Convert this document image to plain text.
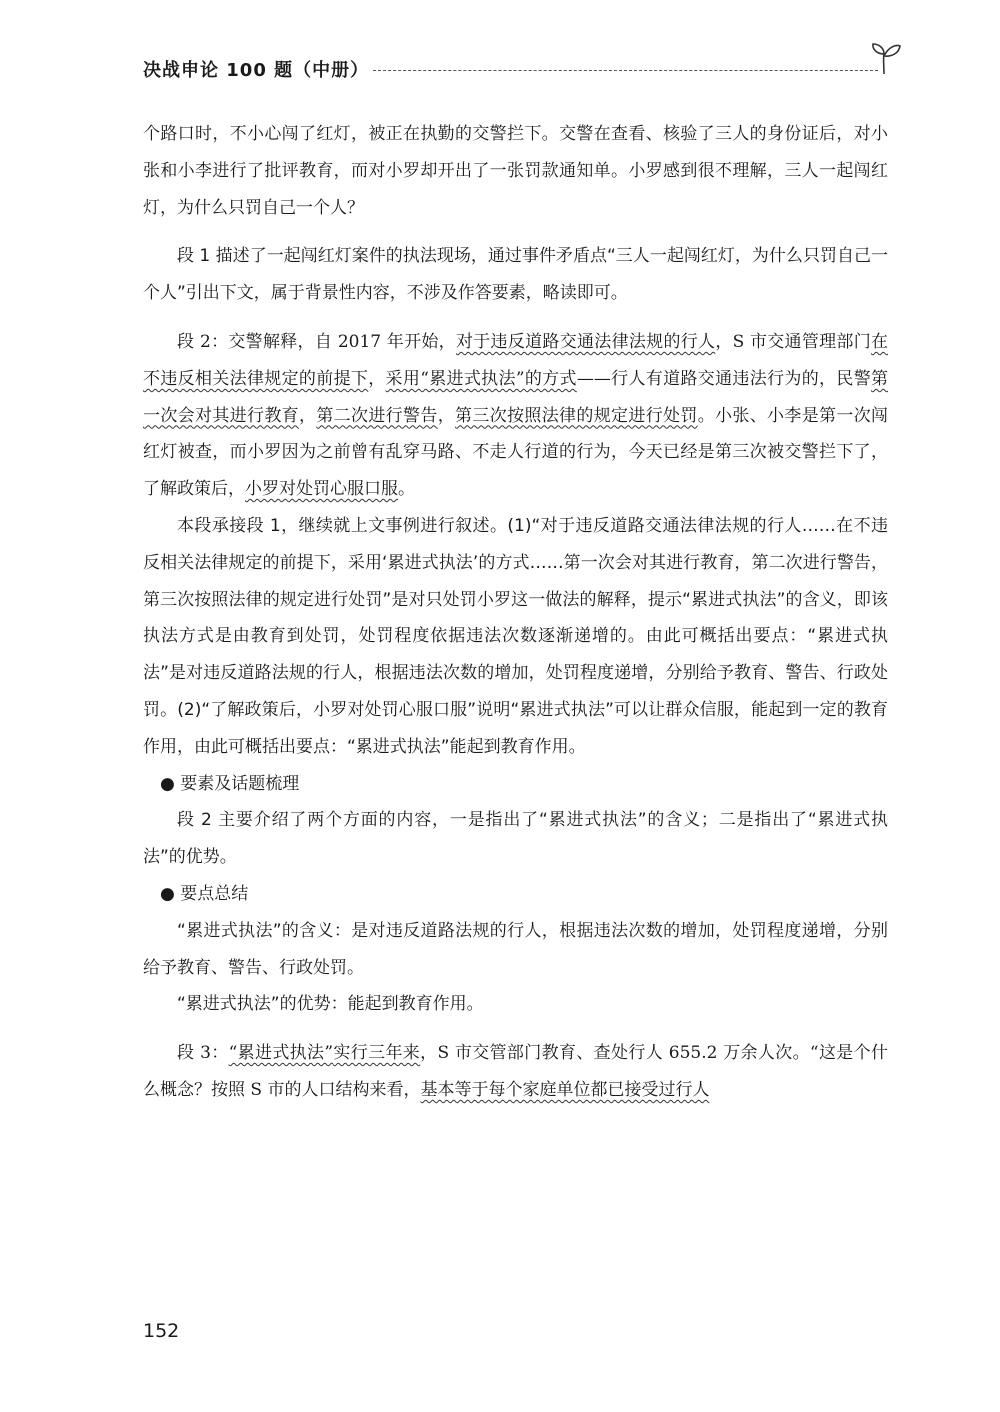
决战申论 100 题（中册）

个路口时，不小心闯了红灯，被正在执勤的交警拦下。交警在查看、核验了三人的身份证后，对小张和小李进行了批评教育，而对小罗却开出了一张罚款通知单。小罗感到很不理解，三人一起闯红灯，为什么只罚自己一个人？

段 1 描述了一起闯红灯案件的执法现场，通过事件矛盾点“三人一起闯红灯，为什么只罚自己一个人”引出下文，属于背景性内容，不涉及作答要素，略读即可。

段 2：交警解释，自 2017 年开始，对于违反道路交通法律法规的行人，S 市交通管理部门在不违反相关法律规定的前提下，采用“累进式执法”的方式——行人有道路交通违法行为的，民警第一次会对其进行教育，第二次进行警告，第三次按照法律的规定进行处罚。小张、小李是第一次闯红灯被查，而小罗因为之前曾有乱穿马路、不走人行道的行为，今天已经是第三次被交警拦下了，了解政策后，小罗对处罚心服口服。

本段承接段 1，继续就上文事例进行叙述。(1)“对于违反道路交通法律法规的行人……在不违反相关法律规定的前提下，采用‘累进式执法’的方式……第一次会对其进行教育，第二次进行警告，第三次按照法律的规定进行处罚”是对只处罚小罗这一做法的解释，提示“累进式执法”的含义，即该执法方式是由教育到处罚，处罚程度依据违法次数逐渐递增的。由此可概括出要点：“累进式执法”是对违反道路法规的行人，根据违法次数的增加，处罚程度递增，分别给予教育、警告、行政处罚。(2)“了解政策后，小罗对处罚心服口服”说明“累进式执法”可以让群众信服，能起到一定的教育作用，由此可概括出要点：“累进式执法”能起到教育作用。

● 要素及话题梳理

段 2 主要介绍了两个方面的内容，一是指出了“累进式执法”的含义；二是指出了“累进式执法”的优势。

● 要点总结

“累进式执法”的含义：是对违反道路法规的行人，根据违法次数的增加，处罚程度递增，分别给予教育、警告、行政处罚。

“累进式执法”的优势：能起到教育作用。

段 3：“累进式执法”实行三年来，S 市交管部门教育、查处行人 655.2 万余人次。“这是个什么概念？按照 S 市的人口结构来看，基本等于每个家庭单位都已接受过行人

152
